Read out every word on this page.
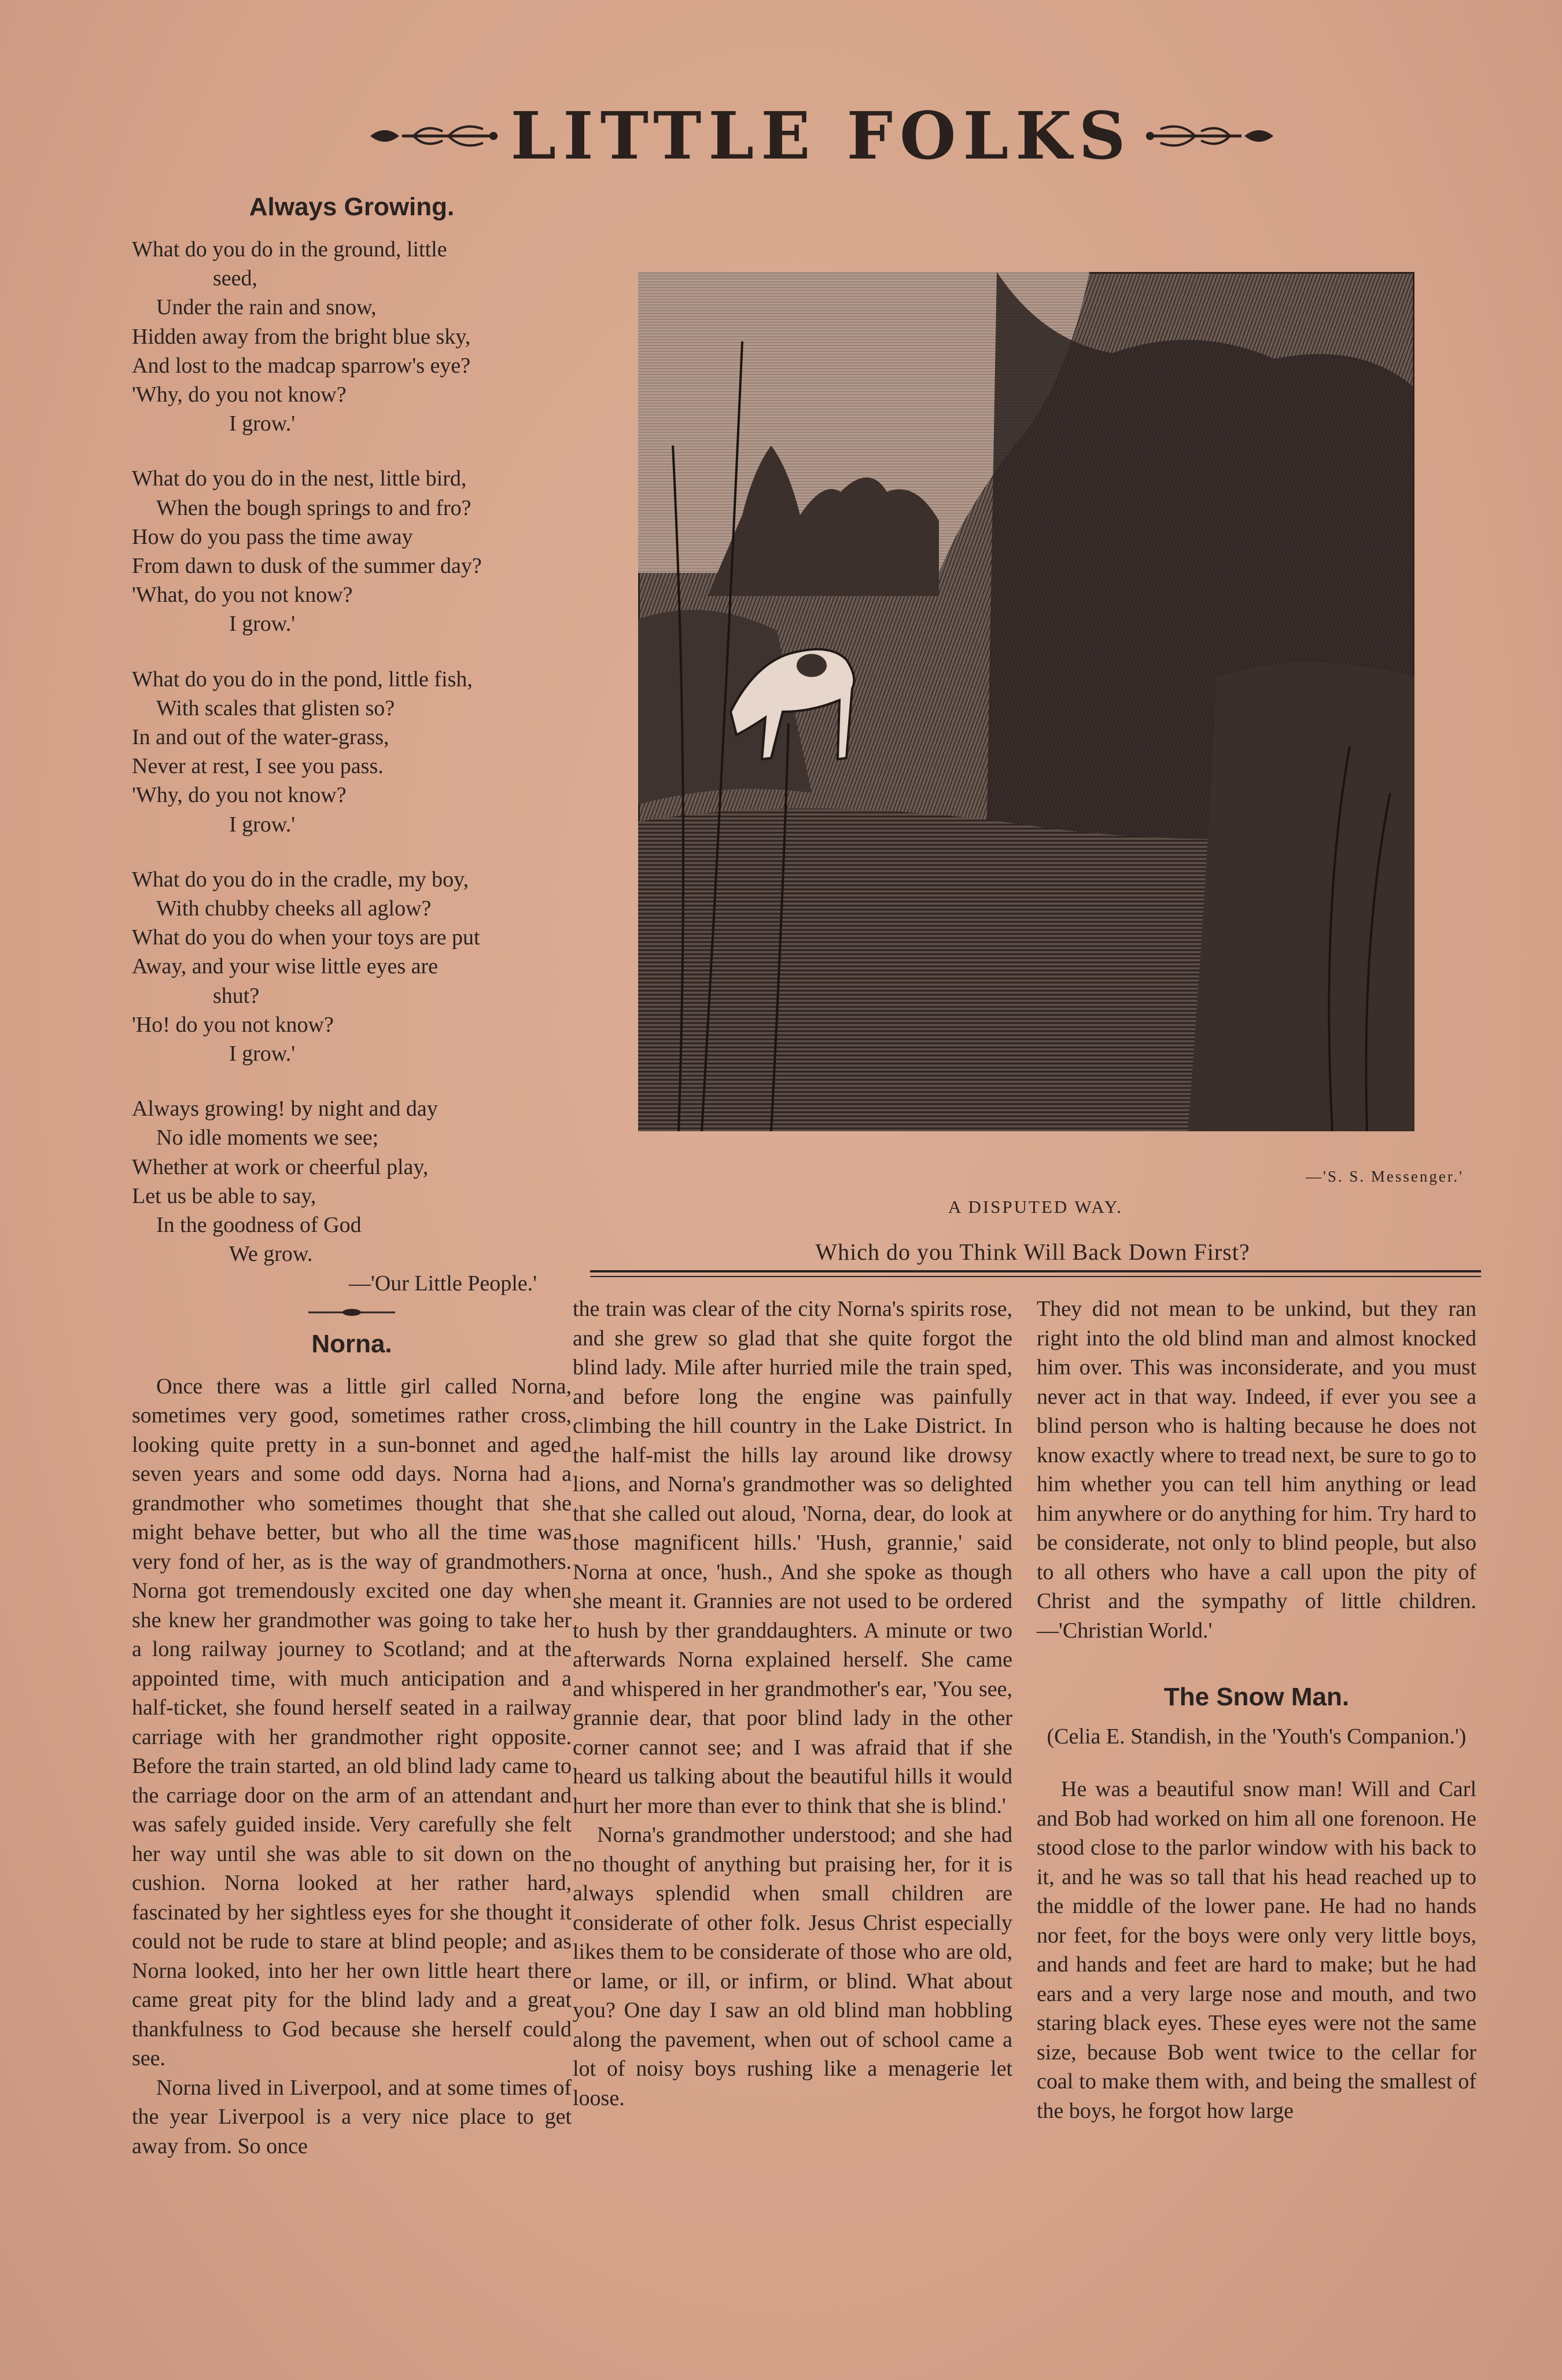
LITTLE FOLKS
Always Growing.
What do you do in the ground, little
seed,
Under the rain and snow,
Hidden away from the bright blue sky,
And lost to the madcap sparrow's eye?
'Why, do you not know?
I grow.'
What do you do in the nest, little bird,
When the bough springs to and fro?
How do you pass the time away
From dawn to dusk of the summer day?
'What, do you not know?
I grow.'
What do you do in the pond, little fish,
With scales that glisten so?
In and out of the water-grass,
Never at rest, I see you pass.
'Why, do you not know?
I grow.'
What do you do in the cradle, my boy,
With chubby cheeks all aglow?
What do you do when your toys are put
Away, and your wise little eyes are
shut?
'Ho! do you not know?
I grow.'
Always growing! by night and day
No idle moments we see;
Whether at work or cheerful play,
Let us be able to say,
In the goodness of God
We grow.
—'Our Little People.'
Norna.

Once there was a little girl called Norna, sometimes very good, sometimes rather cross, looking quite pretty in a sun-bonnet and aged seven years and some odd days. Norna had a grandmother who sometimes thought that she might behave better, but who all the time was very fond of her, as is the way of grandmothers. Norna got tremendously excited one day when she knew her grandmother was going to take her a long railway journey to Scotland; and at the appointed time, with much anticipation and a half-ticket, she found herself seated in a railway carriage with her grandmother right opposite. Before the train started, an old blind lady came to the carriage door on the arm of an attendant and was safely guided inside. Very carefully she felt her way until she was able to sit down on the cushion. Norna looked at her rather hard, fascinated by her sightless eyes for she thought it could not be rude to stare at blind people; and as Norna looked, into her her own little heart there came great pity for the blind lady and a great thankfulness to God because she herself could see.

Norna lived in Liverpool, and at some times of the year Liverpool is a very nice place to get away from. So once

—'S. S. Messenger.'
A DISPUTED WAY.
Which do you Think Will Back Down First?

the train was clear of the city Norna's spirits rose, and she grew so glad that she quite forgot the blind lady. Mile after hurried mile the train sped, and before long the engine was painfully climbing the hill country in the Lake District. In the half-mist the hills lay around like drowsy lions, and Norna's grandmother was so delighted that she called out aloud, 'Norna, dear, do look at those magnificent hills.' 'Hush, grannie,' said Norna at once, 'hush., And she spoke as though she meant it. Grannies are not used to be ordered to hush by ther granddaughters. A minute or two afterwards Norna explained herself. She came and whispered in her grandmother's ear, 'You see, grannie dear, that poor blind lady in the other corner cannot see; and I was afraid that if she heard us talking about the beautiful hills it would hurt her more than ever to think that she is blind.'

Norna's grandmother understood; and she had no thought of anything but praising her, for it is always splendid when small children are considerate of other folk. Jesus Christ especially likes them to be considerate of those who are old, or lame, or ill, or infirm, or blind. What about you? One day I saw an old blind man hobbling along the pavement, when out of school came a lot of noisy boys rushing like a menagerie let loose.

They did not mean to be unkind, but they ran right into the old blind man and almost knocked him over. This was inconsiderate, and you must never act in that way. Indeed, if ever you see a blind person who is halting because he does not know exactly where to tread next, be sure to go to him whether you can tell him anything or lead him anywhere or do anything for him. Try hard to be considerate, not only to blind people, but also to all others who have a call upon the pity of Christ and the sympathy of little children.—'Christian World.'

The Snow Man.
(Celia E. Standish, in the 'Youth's Companion.')

He was a beautiful snow man! Will and Carl and Bob had worked on him all one forenoon. He stood close to the parlor window with his back to it, and he was so tall that his head reached up to the middle of the lower pane. He had no hands nor feet, for the boys were only very little boys, and hands and feet are hard to make; but he had ears and a very large nose and mouth, and two staring black eyes. These eyes were not the same size, because Bob went twice to the cellar for coal to make them with, and being the smallest of the boys, he forgot how large
